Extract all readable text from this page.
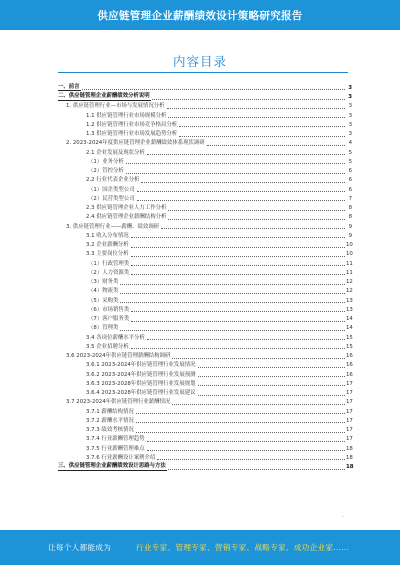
供应链管理企业薪酬绩效设计策略研究报告
内容目录
一、前言	3
二、供应链管理企业薪酬绩效分析说明	3
1. 供应链管理行业—市场与发展情况分析	3
1.1 供应链管理行业市场规模分析	3
1.2 供应链管理行业市场竞争格局分析	3
1.3 供应链管理行业市场发展趋势分析	3
2. 2023-2024年度供应链管理企业薪酬绩效体系现状调研	4
2.1 企业发展及现状分析	5
（1）业务分析	5
（2）管控分析	6
2.2 行业代表企业分析	6
（1）国企类型公司	6
（2）民营类型公司	7
2.3 供应链管理企业人力工作分析	8
2.4 供应链管理企业薪酬结构分析	8
3. 供应链管理行业——薪酬、绩效调研	9
3.1 收入分布情况	9
3.2 企业薪酬分析	10
3.3 主要岗位分析	10
（1）行政管理类	11
（2）人力资源类	11
（3）财务类	12
（4）物流类	12
（5）采购类	13
（6）市场销售类	13
（7）客户服务类	14
（8）管理类	14
3.4 各岗位薪酬水平分析	15
3.5 企业招聘分析	15
3.6 2023-2024年供应链管理薪酬结构调研	16
3.6.1 2023-2024年供应链管理行业发展情况	16
3.6.2 2023-2024年供应链管理行业发展预测	16
3.6.3 2023-2028年供应链管理行业发展规划	17
3.6.4 2023-2028年供应链管理行业发展建议	17
3.7 2023-2024年供应链管理行业薪酬情况	17
3.7.1 薪酬结构情况	17
3.7.2 薪酬水平情况	17
3.7.3 绩效考核情况	17
3.7.4 行业薪酬管理趋势	17
3.7.5 行业薪酬管理难点	18
3.7.6 行业薪酬设计案例介绍	18
三、供应链管理企业薪酬绩效设计思路与方法	18
-
让每个人都能成为	行业专家、管理专家、营销专家、战略专家、成功企业家……
